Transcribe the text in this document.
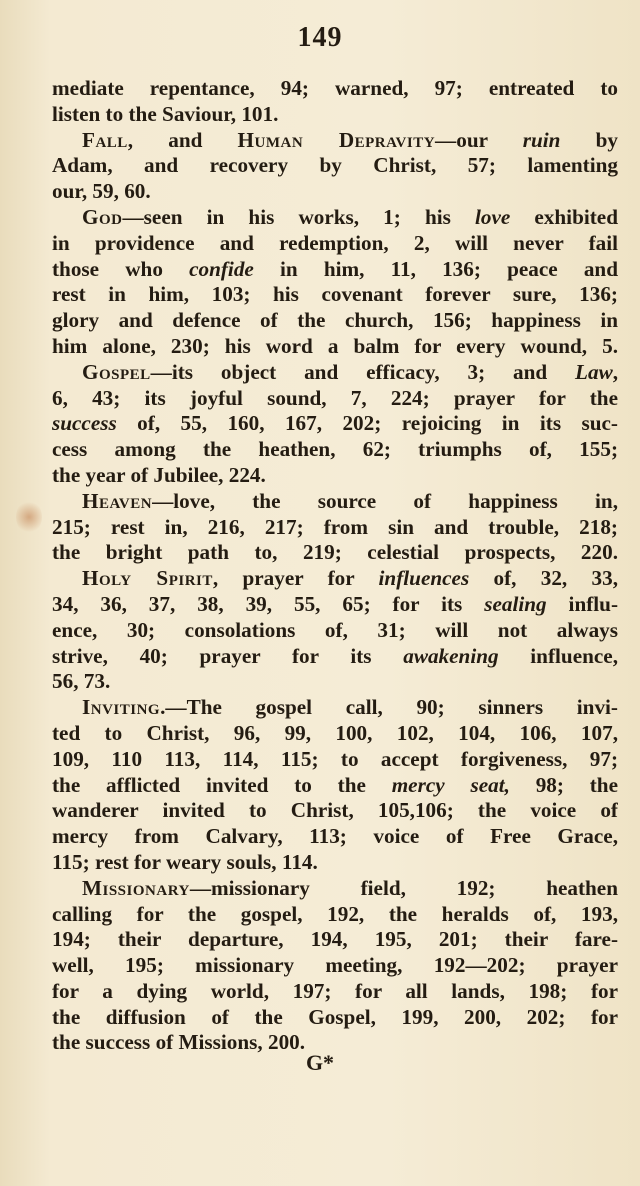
149
mediate repentance, 94; warned, 97; entreated to
listen to the Saviour, 101.
Fall, and Human Depravity—our ruin by
Adam, and recovery by Christ, 57; lamenting
our, 59, 60.
God—seen in his works, 1; his love exhibited
in providence and redemption, 2, will never fail
those who confide in him, 11, 136; peace and
rest in him, 103; his covenant forever sure, 136;
glory and defence of the church, 156; happiness in
him alone, 230; his word a balm for every wound, 5.
Gospel—its object and efficacy, 3; and Law,
6, 43; its joyful sound, 7, 224; prayer for the
success of, 55, 160, 167, 202; rejoicing in its suc-
cess among the heathen, 62; triumphs of, 155;
the year of Jubilee, 224.
Heaven—love, the source of happiness in,
215; rest in, 216, 217; from sin and trouble, 218;
the bright path to, 219; celestial prospects, 220.
Holy Spirit, prayer for influences of, 32, 33,
34, 36, 37, 38, 39, 55, 65; for its sealing influ-
ence, 30; consolations of, 31; will not always
strive, 40; prayer for its awakening influence,
56, 73.
Inviting.—The gospel call, 90; sinners invi-
ted to Christ, 96, 99, 100, 102, 104, 106, 107,
109, 110 113, 114, 115; to accept forgiveness, 97;
the afflicted invited to the mercy seat, 98; the
wanderer invited to Christ, 105,106; the voice of
mercy from Calvary, 113; voice of Free Grace,
115; rest for weary souls, 114.
Missionary—missionary field, 192; heathen
calling for the gospel, 192, the heralds of, 193,
194; their departure, 194, 195, 201; their fare-
well, 195; missionary meeting, 192—202; prayer
for a dying world, 197; for all lands, 198; for
the diffusion of the Gospel, 199, 200, 202; for
the success of Missions, 200.
G*
